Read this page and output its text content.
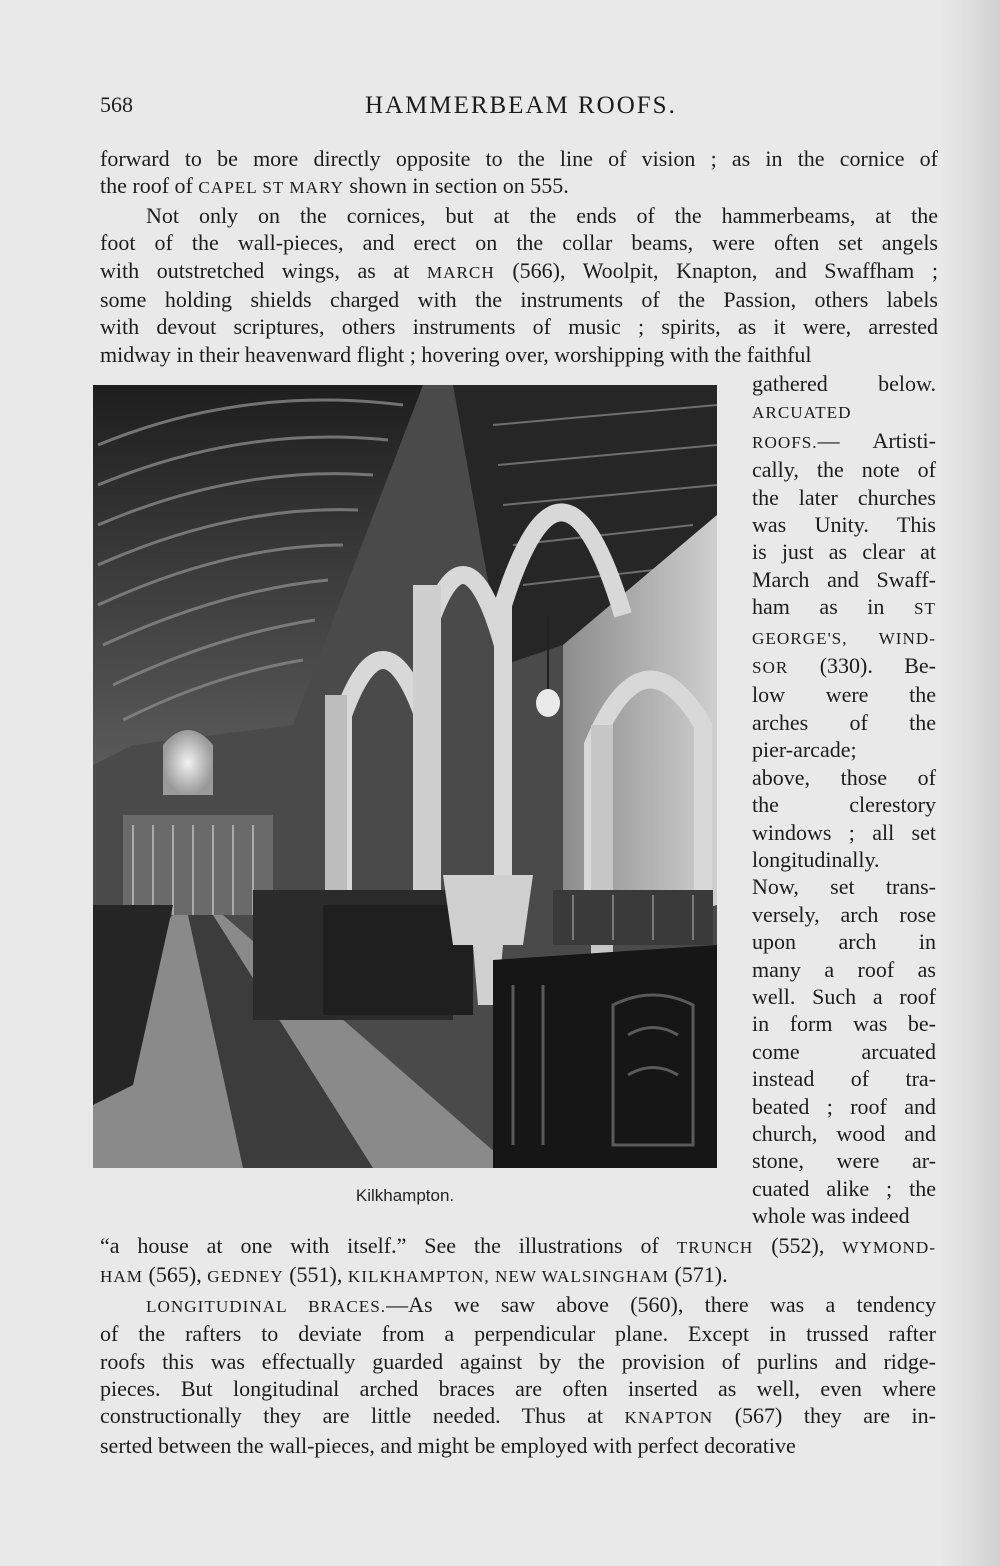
568	HAMMERBEAM ROOFS.
forward to be more directly opposite to the line of vision ; as in the cornice of
the roof of CAPEL ST MARY shown in section on 555.
Not only on the cornices, but at the ends of the hammerbeams, at the
foot of the wall-pieces, and erect on the collar beams, were often set angels
with outstretched wings, as at MARCH (566), Woolpit, Knapton, and Swaffham ;
some holding shields charged with the instruments of the Passion, others labels
with devout scriptures, others instruments of music ; spirits, as it were, arrested
midway in their heavenward flight ; hovering over, worshipping with the faithful
Kilkhampton.
gathered below.
ARCUATED
ROOFS.— Artisti-
cally, the note of
the later churches
was Unity. This
is just as clear at
March and Swaff-
ham as in ST
GEORGE'S, WIND-
SOR (330). Be-
low were the
arches of the
pier-arcade;
above, those of
the clerestory
windows ; all set
longitudinally.
Now, set trans-
versely, arch rose
upon arch in
many a roof as
well. Such a roof
in form was be-
come arcuated
instead of tra-
beated ; roof and
church, wood and
stone, were ar-
cuated alike ; the
whole was indeed
“a house at one with itself.” See the illustrations of TRUNCH (552), WYMOND-
HAM (565), GEDNEY (551), KILKHAMPTON, NEW WALSINGHAM (571).
LONGITUDINAL BRACES.—As we saw above (560), there was a tendency
of the rafters to deviate from a perpendicular plane. Except in trussed rafter
roofs this was effectually guarded against by the provision of purlins and ridge-
pieces. But longitudinal arched braces are often inserted as well, even where
constructionally they are little needed. Thus at KNAPTON (567) they are in-
serted between the wall-pieces, and might be employed with perfect decorative
